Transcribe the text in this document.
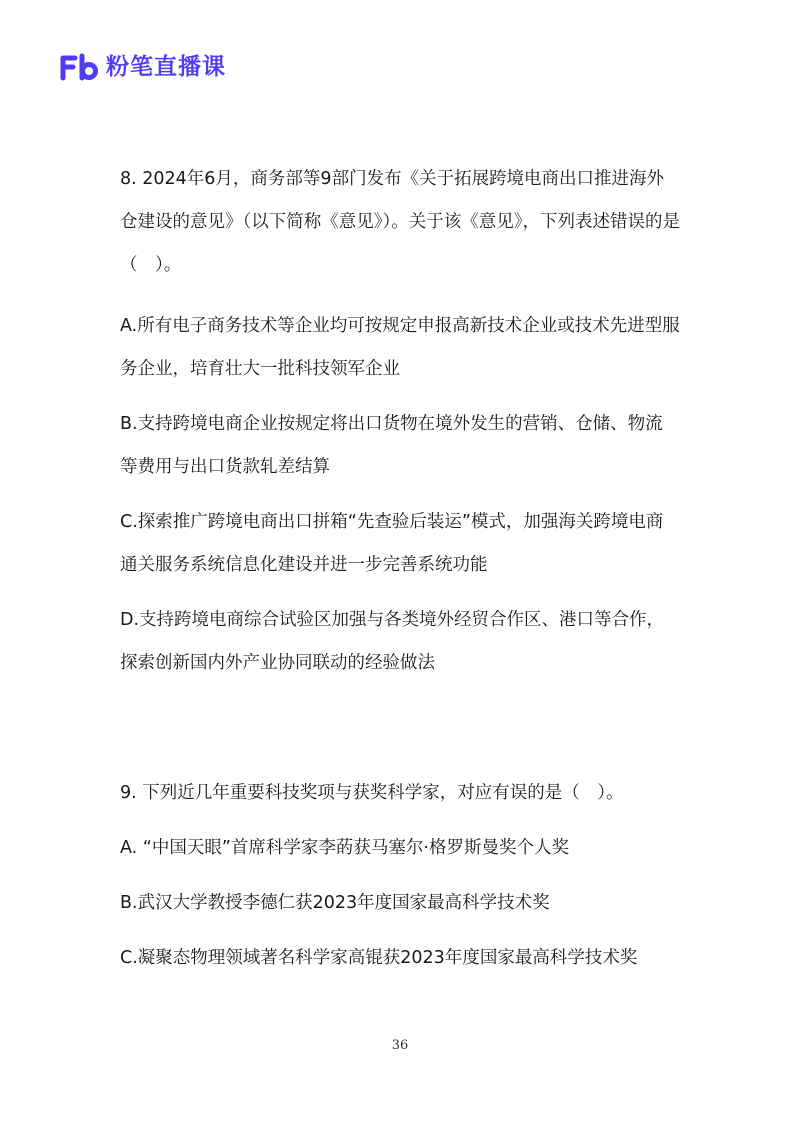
粉笔直播课

8. 2024年6月，商务部等9部门发布《关于拓展跨境电商出口推进海外仓建设的意见》（以下简称《意见》）。关于该《意见》，下列表述错误的是（　）。

A.所有电子商务技术等企业均可按规定申报高新技术企业或技术先进型服务企业，培育壮大一批科技领军企业

B.支持跨境电商企业按规定将出口货物在境外发生的营销、仓储、物流等费用与出口货款轧差结算

C.探索推广跨境电商出口拼箱“先查验后装运”模式，加强海关跨境电商通关服务系统信息化建设并进一步完善系统功能

D.支持跨境电商综合试验区加强与各类境外经贸合作区、港口等合作，探索创新国内外产业协同联动的经验做法

9. 下列近几年重要科技奖项与获奖科学家，对应有误的是（　）。

A. “中国天眼”首席科学家李菂获马塞尔·格罗斯曼奖个人奖

B.武汉大学教授李德仁获2023年度国家最高科学技术奖

C.凝聚态物理领域著名科学家高锟获2023年度国家最高科学技术奖

36
